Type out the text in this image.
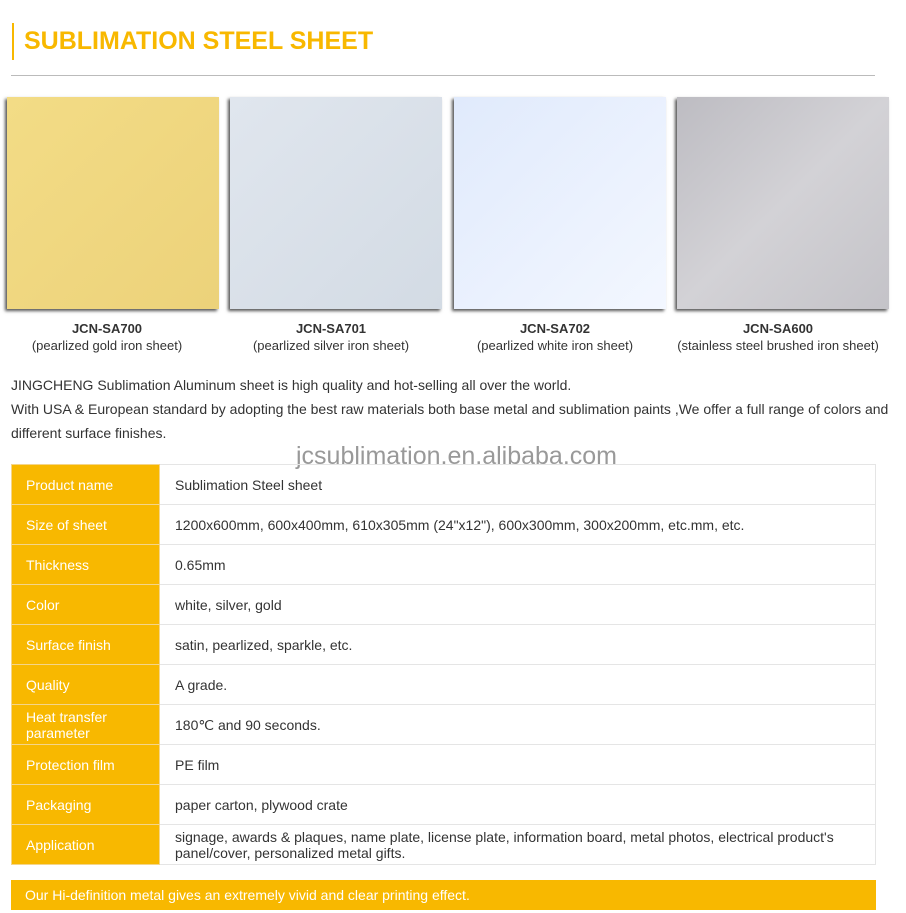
SUBLIMATION STEEL SHEET
JCN-SA700
(pearlized gold iron sheet)
JCN-SA701
(pearlized silver iron sheet)
JCN-SA702
(pearlized white iron sheet)
JCN-SA600
(stainless steel brushed iron sheet)
JINGCHENG Sublimation Aluminum sheet is high quality and hot-selling all over the world.
With USA & European standard by adopting the best raw materials both base metal and sublimation paints ,We offer a full range of colors and different surface finishes.
jcsublimation.en.alibaba.com
Product name	Sublimation Steel sheet
Size of sheet	1200x600mm, 600x400mm, 610x305mm (24"x12"), 600x300mm, 300x200mm, etc.mm, etc.
Thickness	0.65mm
Color	white, silver, gold
Surface finish	satin, pearlized, sparkle, etc.
Quality	A grade.
Heat transfer parameter	180℃ and 90 seconds.
Protection film	PE film
Packaging	paper carton, plywood crate
Application	signage, awards & plaques, name plate, license plate, information board, metal photos, electrical product's panel/cover, personalized metal gifts.
Our Hi-definition metal gives an extremely vivid and clear printing effect.
